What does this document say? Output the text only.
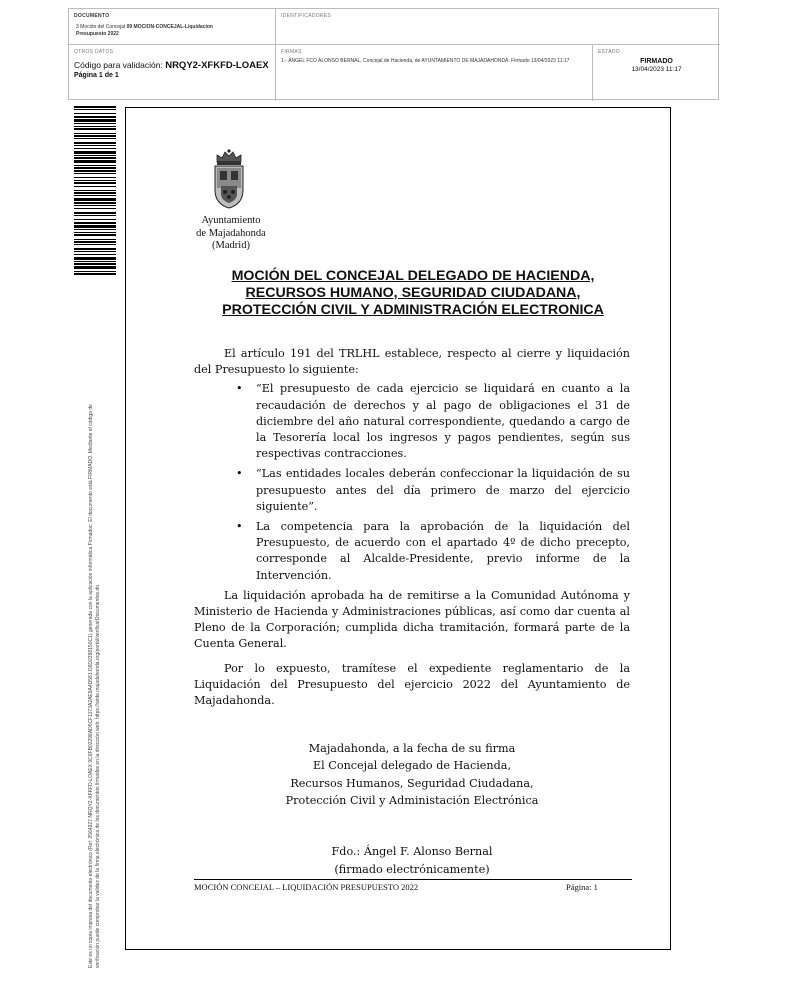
DOCUMENTO
3 Moción del Concejal 09 MOCION-CONCEJAL-Liquidacion
Presupuesto 2022
IDENTIFICADORES
OTROS DATOS
Código para validación: NRQY2-XFKFD-LOAEX
Página 1 de 1
FIRMAS
1.- ÁNGEL FCO ALONSO BERNAL, Concejal de Hacienda, de AYUNTAMIENTO DE MAJADAHONDA. Firmado 13/04/2023 11:17
ESTADO
FIRMADO
13/04/2023 11:17
Este es un copia impresa del documento electrónico (Ref: 2564927 NRQY2-XFKFD-LOAEX 9C6FB02298AD5CF1173A2AE9A4D581 D6D2398150C1) generada con la aplicación informática Firmadoc. El documento está FIRMADO. Mediante el código de verificación puede comprobar la validez de la firma electrónica de los documentos firmados en la dirección web: https://sede.majadahonda.org/portal/verificarDocumentos.do
Ayuntamiento
de Majadahonda
(Madrid)
MOCIÓN DEL CONCEJAL DELEGADO DE HACIENDA,
RECURSOS HUMANO, SEGURIDAD CIUDADANA,
PROTECCIÓN CIVIL Y ADMINISTRACIÓN ELECTRONICA

El artículo 191 del TRLHL establece, respecto al cierre y liquidación del Presupuesto lo siguiente:

• “El presupuesto de cada ejercicio se liquidará en cuanto a la recaudación de derechos y al pago de obligaciones el 31 de diciembre del año natural correspondiente, quedando a cargo de la Tesorería local los ingresos y pagos pendientes, según sus respectivas contracciones.
• “Las entidades locales deberán confeccionar la liquidación de su presupuesto antes del día primero de marzo del ejercicio siguiente”.
• La competencia para la aprobación de la liquidación del Presupuesto, de acuerdo con el apartado 4º de dicho precepto, corresponde al Alcalde-Presidente, previo informe de la Intervención.

La liquidación aprobada ha de remitirse a la Comunidad Autónoma y Ministerio de Hacienda y Administraciones públicas, así como dar cuenta al Pleno de la Corporación; cumplida dicha tramitación, formará parte de la Cuenta General.

Por lo expuesto, tramítese el expediente reglamentario de la Liquidación del Presupuesto del ejercicio 2022 del Ayuntamiento de Majadahonda.

Majadahonda, a la fecha de su firma
El Concejal delegado de Hacienda,
Recursos Humanos, Seguridad Ciudadana,
Protección Civil y Administación Electrónica
Fdo.: Ángel F. Alonso Bernal
(firmado electrónicamente)
MOCIÓN CONCEJAL – LIQUIDACIÓN PRESUPUESTO 2022	Página: 1
